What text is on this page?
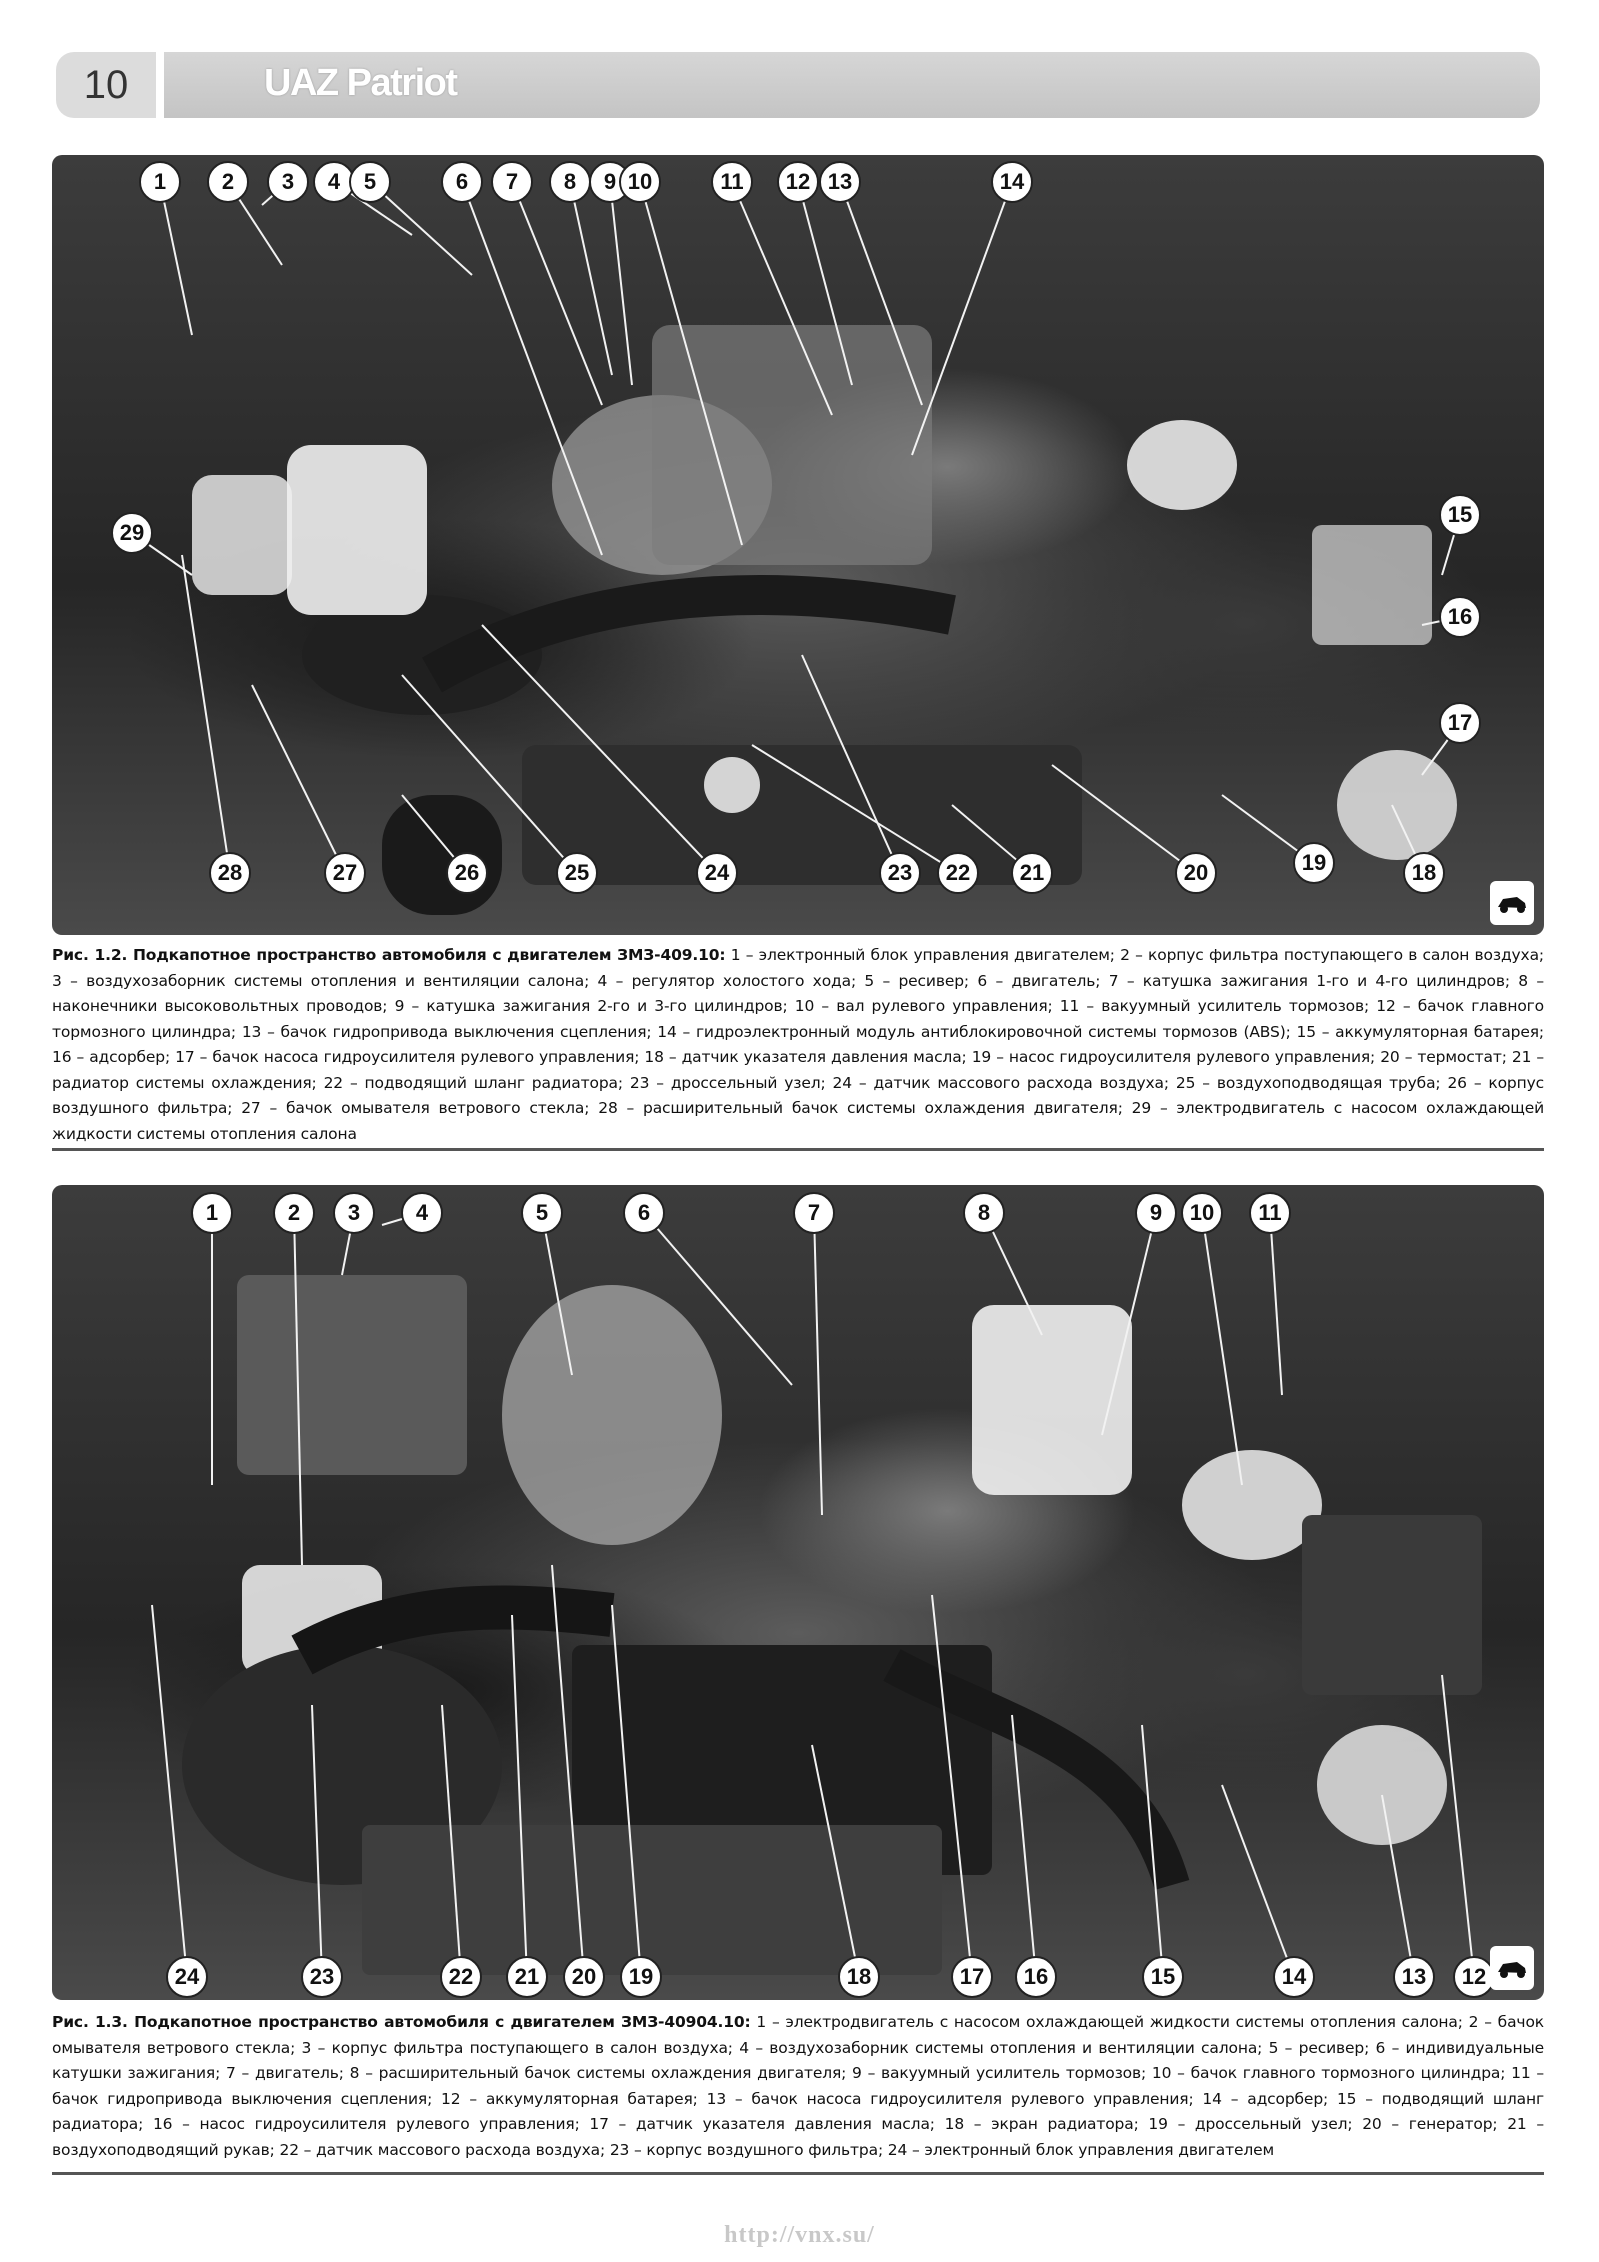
10	UAZ Patriot
1	2	3	4	5	6	7	8	9 10	11	12 13	14
15
16
17
18
19
20
21
22
23
24
25
26
27
28
29
Рис. 1.2. Подкапотное пространство автомобиля с двигателем ЗМЗ-409.10: 1 – электронный блок управления двигателем; 2 – корпус фильтра поступающего в салон воздуха; 3 – воздухозаборник системы отопления и вентиляции салона; 4 – регулятор холостого хода; 5 – ресивер; 6 – двигатель; 7 – катушка зажигания 1-го и 4-го цилиндров; 8 – наконечники высоковольтных проводов; 9 – катушка зажигания 2-го и 3-го цилиндров; 10 – вал рулевого управления; 11 – вакуумный усилитель тормозов; 12 – бачок главного тормозного цилиндра; 13 – бачок гидропривода выключения сцепления; 14 – гидроэлектронный модуль антиблокировочной системы тормозов (ABS); 15 – аккумуляторная батарея; 16 – адсорбер; 17 – бачок насоса гидроусилителя рулевого управления; 18 – датчик указателя давления масла; 19 – насос гидроусилителя рулевого управления; 20 – термостат; 21 – радиатор системы охлаждения; 22 – подводящий шланг радиатора; 23 – дроссельный узел; 24 – датчик массового расхода воздуха; 25 – воздухоподводящая труба; 26 – корпус воздушного фильтра; 27 – бачок омывателя ветрового стекла; 28 – расширительный бачок системы охлаждения двигателя; 29 – электродвигатель с насосом охлаждающей жидкости системы отопления салона
1	2	3	4	5	6	7	8	9	10	11
12
13
14
15
16
17
18
19
20
21
22
23
24
Рис. 1.3. Подкапотное пространство автомобиля с двигателем ЗМЗ-40904.10: 1 – электродвигатель с насосом охлаждающей жидкости системы отопления салона; 2 – бачок омывателя ветрового стекла; 3 – корпус фильтра поступающего в салон воздуха; 4 – воздухозаборник системы отопления и вентиляции салона; 5 – ресивер; 6 – индивидуальные катушки зажигания; 7 – двигатель; 8 – расширительный бачок системы охлаждения двигателя; 9 – вакуумный усилитель тормозов; 10 – бачок главного тормозного цилиндра; 11 – бачок гидропривода выключения сцепления; 12 – аккумуляторная батарея; 13 – бачок насоса гидроусилителя рулевого управления; 14 – адсорбер; 15 – подводящий шланг радиатора; 16 – насос гидроусилителя рулевого управления; 17 – датчик указателя давления масла; 18 – экран радиатора; 19 – дроссельный узел; 20 – генератор; 21 – воздухоподводящий рукав; 22 – датчик массового расхода воздуха; 23 – корпус воздушного фильтра; 24 – электронный блок управления двигателем
http://vnx.su/
